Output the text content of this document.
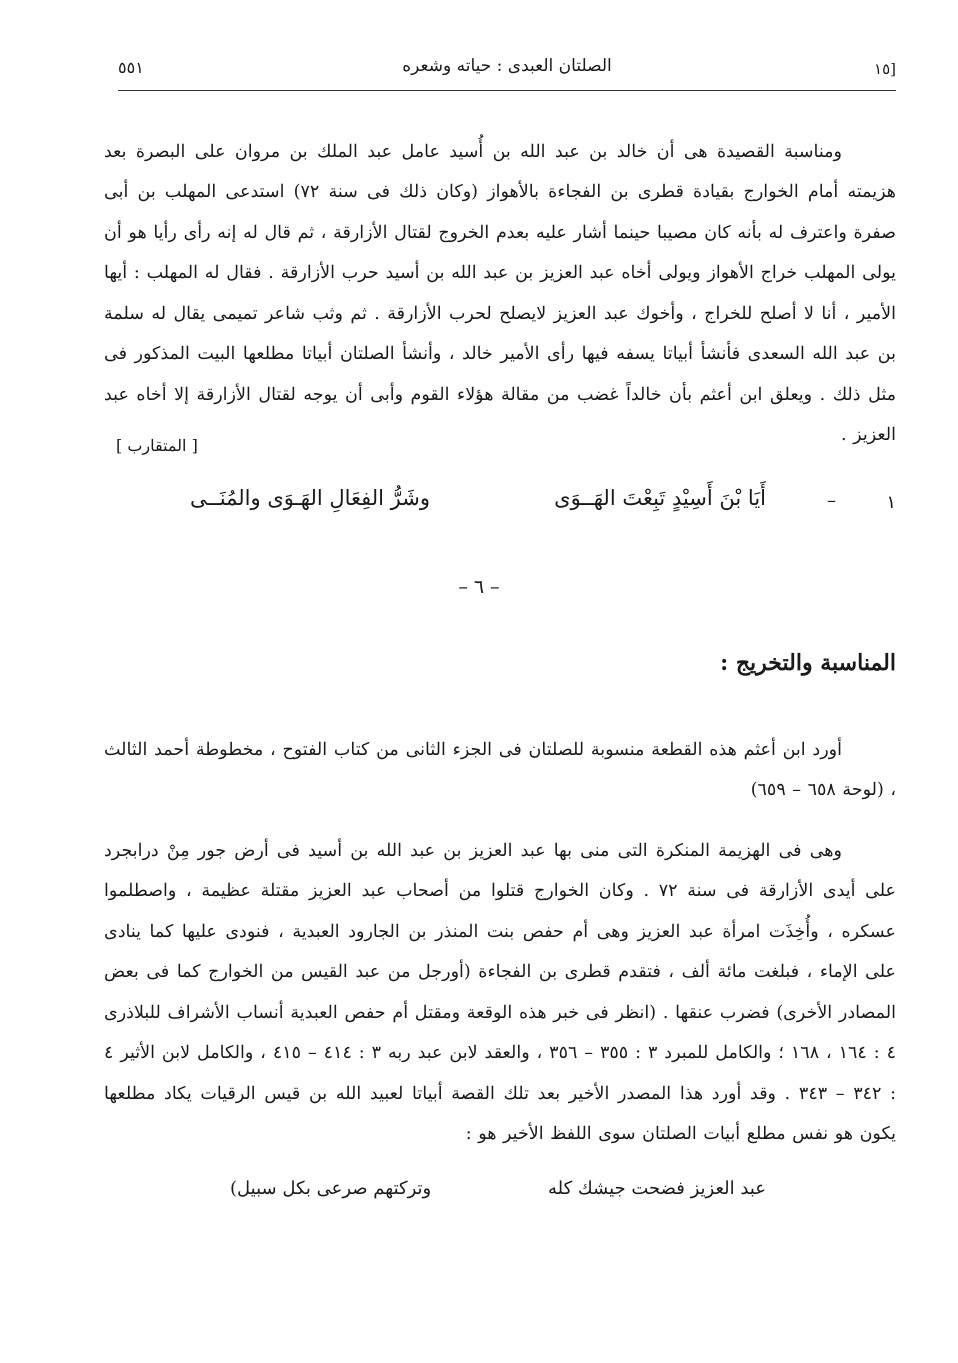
[١٥
الصلتان العبدى : حياته وشعره
٥٥١

ومناسبة القصيدة هى أن خالد بن عبد الله بن أُسيد عامل عبد الملك بن مروان على البصرة بعد هزيمته أمام الخوارج بقيادة قطرى بن الفجاءة بالأهواز (وكان ذلك فى سنة ٧٢) استدعى المهلب بن أبى صفرة واعترف له بأنه كان مصيبا حينما أشار عليه بعدم الخروج لقتال الأزارقة ، ثم قال له إنه رأى رأيا هو أن يولى المهلب خراج الأهواز ويولى أخاه عبد العزيز بن عبد الله بن أسيد حرب الأزارقة . فقال له المهلب : أيها الأمير ، أنا لا أصلح للخراج ، وأخوك عبد العزيز لايصلح لحرب الأزارقة . ثم وثب شاعر تميمى يقال له سلمة بن عبد الله السعدى فأنشأ أبياتا يسفه فيها رأى الأمير خالد ، وأنشأ الصلتان أبياتا مطلعها البيت المذكور فى مثل ذلك . ويعلق ابن أعثم بأن خالداً غضب من مقالة هؤلاء القوم وأبى أن يوجه لقتال الأزارقة إلا أخاه عبد العزيز .

[ المتقارب ]
١
–
أَيَا بْنَ أَسِيْدٍ تَبِعْتَ الهَــوَى
وشَرُّ الفِعَالِ الهَـوَى والمُنَــى
– ٦ –
المناسبة والتخريج :

أورد ابن أعثم هذه القطعة منسوبة للصلتان فى الجزء الثانى من كتاب الفتوح ، مخطوطة أحمد الثالث ، (لوحة ٦٥٨ – ٦٥٩)

وهى فى الهزيمة المنكرة التى منى بها عبد العزيز بن عبد الله بن أسيد فى أرض جور مِنْ درابجرد على أيدى الأزارقة فى سنة ٧٢ . وكان الخوارج قتلوا من أصحاب عبد العزيز مقتلة عظيمة ، واصطلموا عسكره ، وأُخِذَت امرأة عبد العزيز وهى أم حفص بنت المنذر بن الجارود العبدية ، فنودى عليها كما ينادى على الإماء ، فبلغت مائة ألف ، فتقدم قطرى بن الفجاءة (أورجل من عبد القيس من الخوارج كما فى بعض المصادر الأخرى) فضرب عنقها . (انظر فى خبر هذه الوقعة ومقتل أم حفص العبدية أنساب الأشراف للبلاذرى ٤ : ١٦٤ ، ١٦٨ ؛ والكامل للمبرد ٣ : ٣٥٥ – ٣٥٦ ، والعقد لابن عبد ربه ٣ : ٤١٤ – ٤١٥ ، والكامل لابن الأثير ٤ : ٣٤٢ – ٣٤٣ . وقد أورد هذا المصدر الأخير بعد تلك القصة أبياتا لعبيد الله بن قيس الرقيات يكاد مطلعها يكون هو نفس مطلع أبيات الصلتان سوى اللفظ الأخير هو :

عبد العزيز فضحت جيشك كله
وتركتهم صرعى بكل سبيل)
